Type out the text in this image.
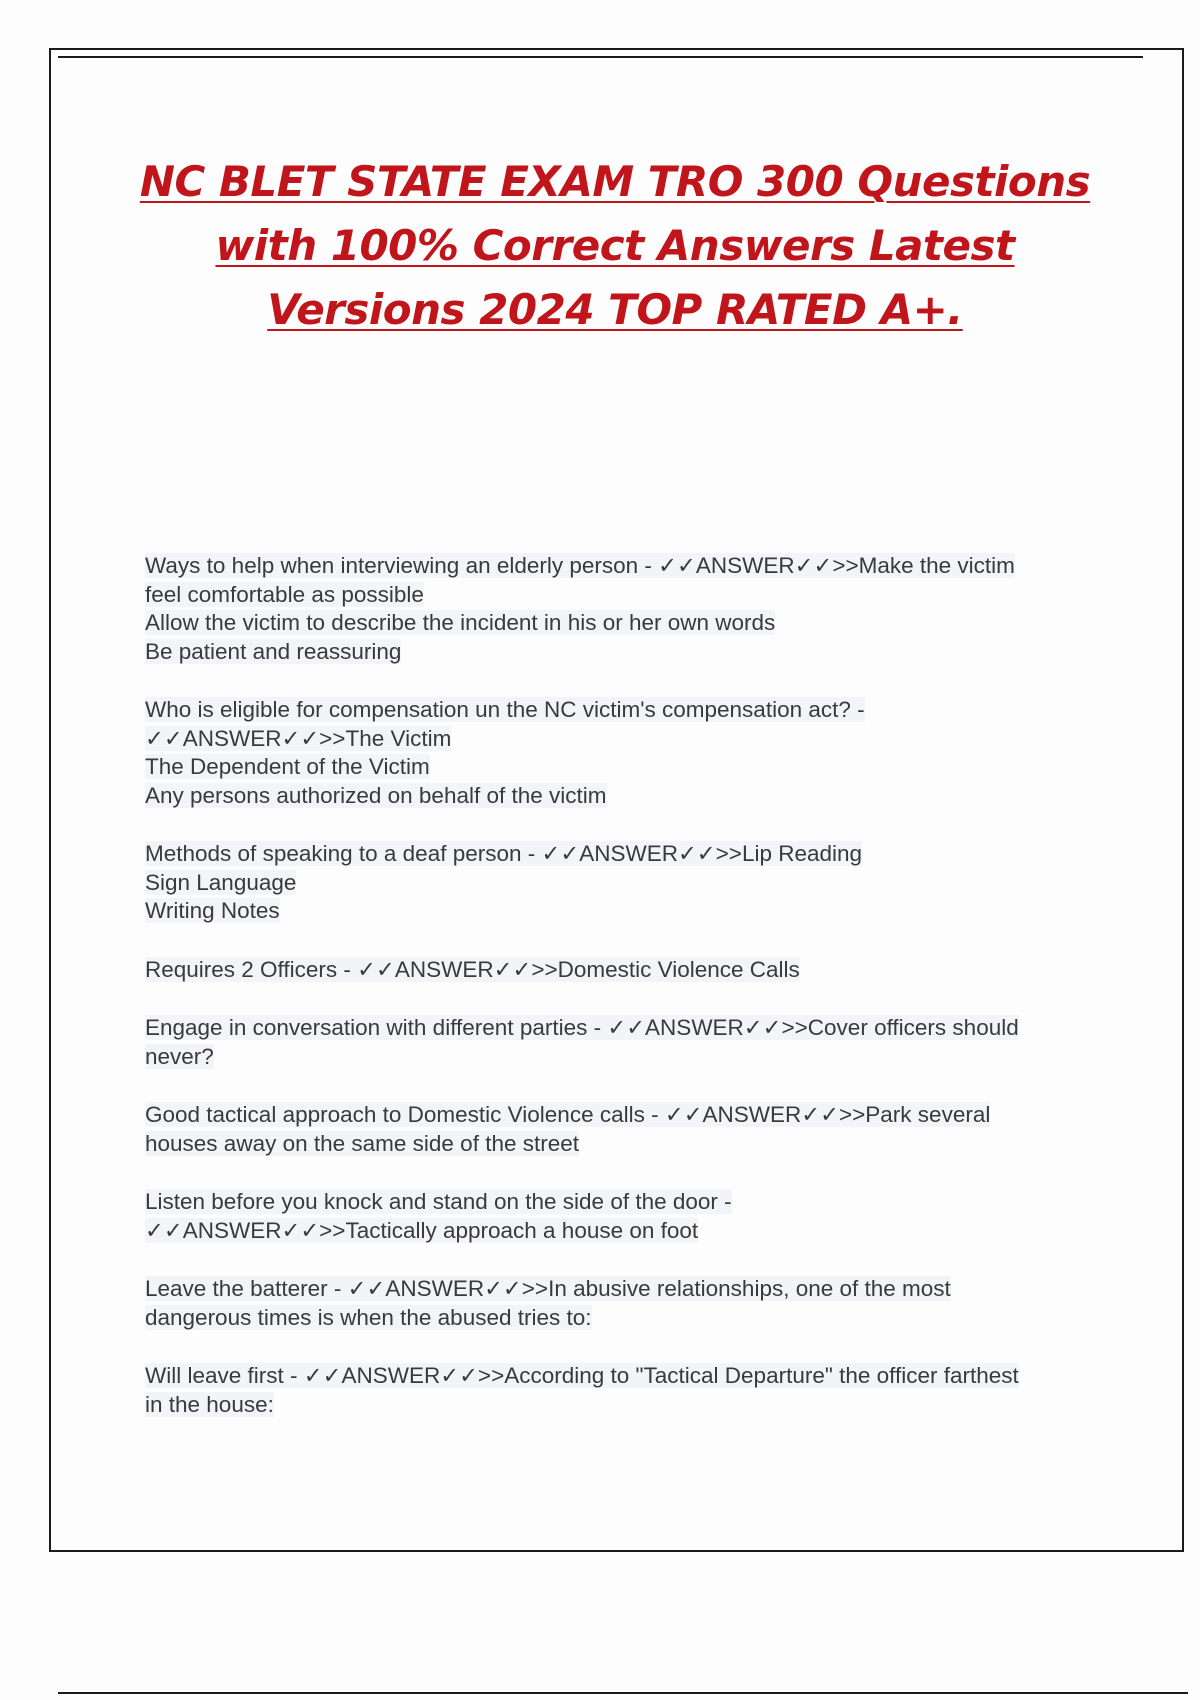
NC BLET STATE EXAM TRO 300 Questions
with 100% Correct Answers Latest
Versions 2024 TOP RATED A+.
Ways to help when interviewing an elderly person - ✓✓ANSWER✓✓>>Make the victim
feel comfortable as possible
Allow the victim to describe the incident in his or her own words
Be patient and reassuring
Who is eligible for compensation un the NC victim's compensation act? -
✓✓ANSWER✓✓>>The Victim
The Dependent of the Victim
Any persons authorized on behalf of the victim
Methods of speaking to a deaf person - ✓✓ANSWER✓✓>>Lip Reading
Sign Language
Writing Notes
Requires 2 Officers - ✓✓ANSWER✓✓>>Domestic Violence Calls
Engage in conversation with different parties - ✓✓ANSWER✓✓>>Cover officers should
never?
Good tactical approach to Domestic Violence calls - ✓✓ANSWER✓✓>>Park several
houses away on the same side of the street
Listen before you knock and stand on the side of the door -
✓✓ANSWER✓✓>>Tactically approach a house on foot
Leave the batterer - ✓✓ANSWER✓✓>>In abusive relationships, one of the most
dangerous times is when the abused tries to:
Will leave first - ✓✓ANSWER✓✓>>According to "Tactical Departure" the officer farthest
in the house:
